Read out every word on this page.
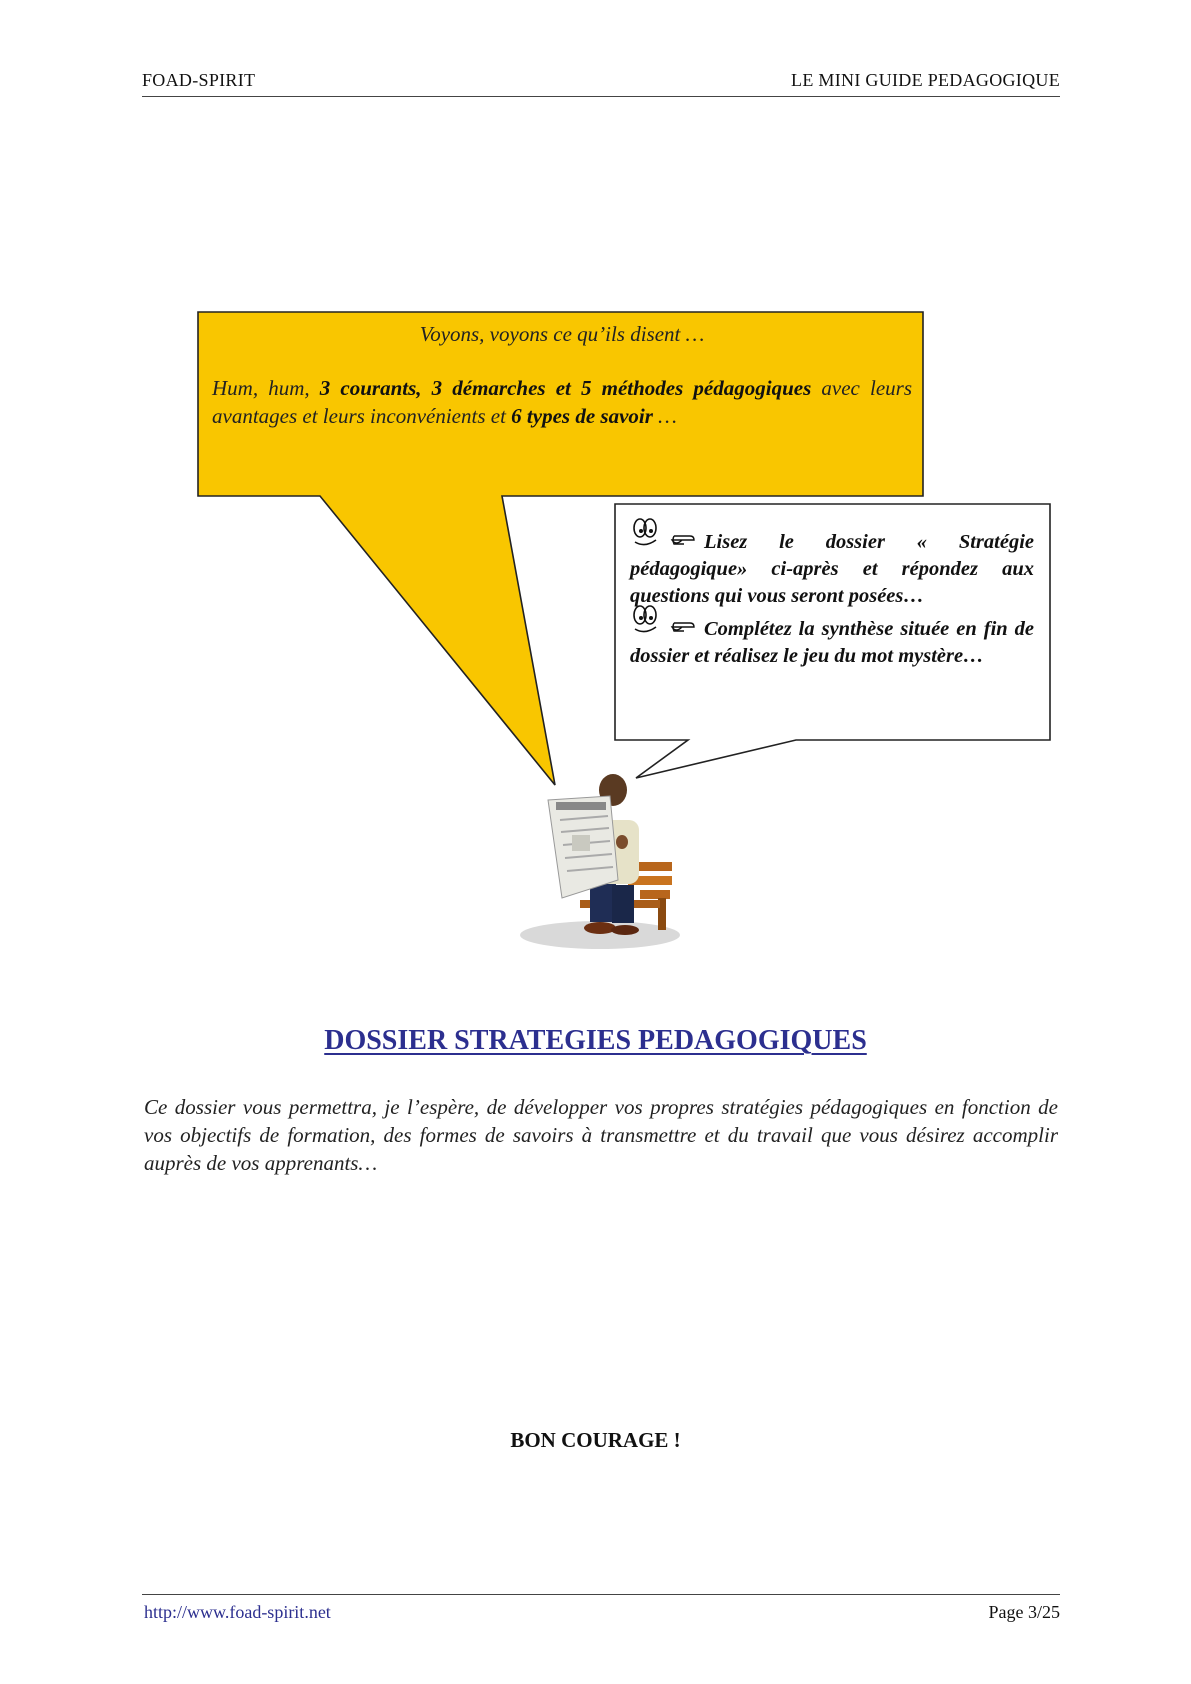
FOAD-SPIRIT	LE MINI GUIDE PEDAGOGIQUE
Voyons, voyons ce qu’ils disent …

Hum, hum, 3 courants, 3 démarches et 5 méthodes pédagogiques avec leurs avantages et leurs inconvénients et 6 types de savoir …

Lisez le dossier « Stratégie pédagogique» ci-après et répondez aux questions qui vous seront posées…
Complétez la synthèse située en fin de dossier et réalisez le jeu du mot mystère…
DOSSIER STRATEGIES PEDAGOGIQUES

Ce dossier vous permettra, je l’espère, de développer vos propres stratégies pédagogiques en fonction de vos objectifs de formation, des formes de savoirs à transmettre et du travail que vous désirez accomplir auprès de vos apprenants…

BON COURAGE !
http://www.foad-spirit.net	Page 3/25
